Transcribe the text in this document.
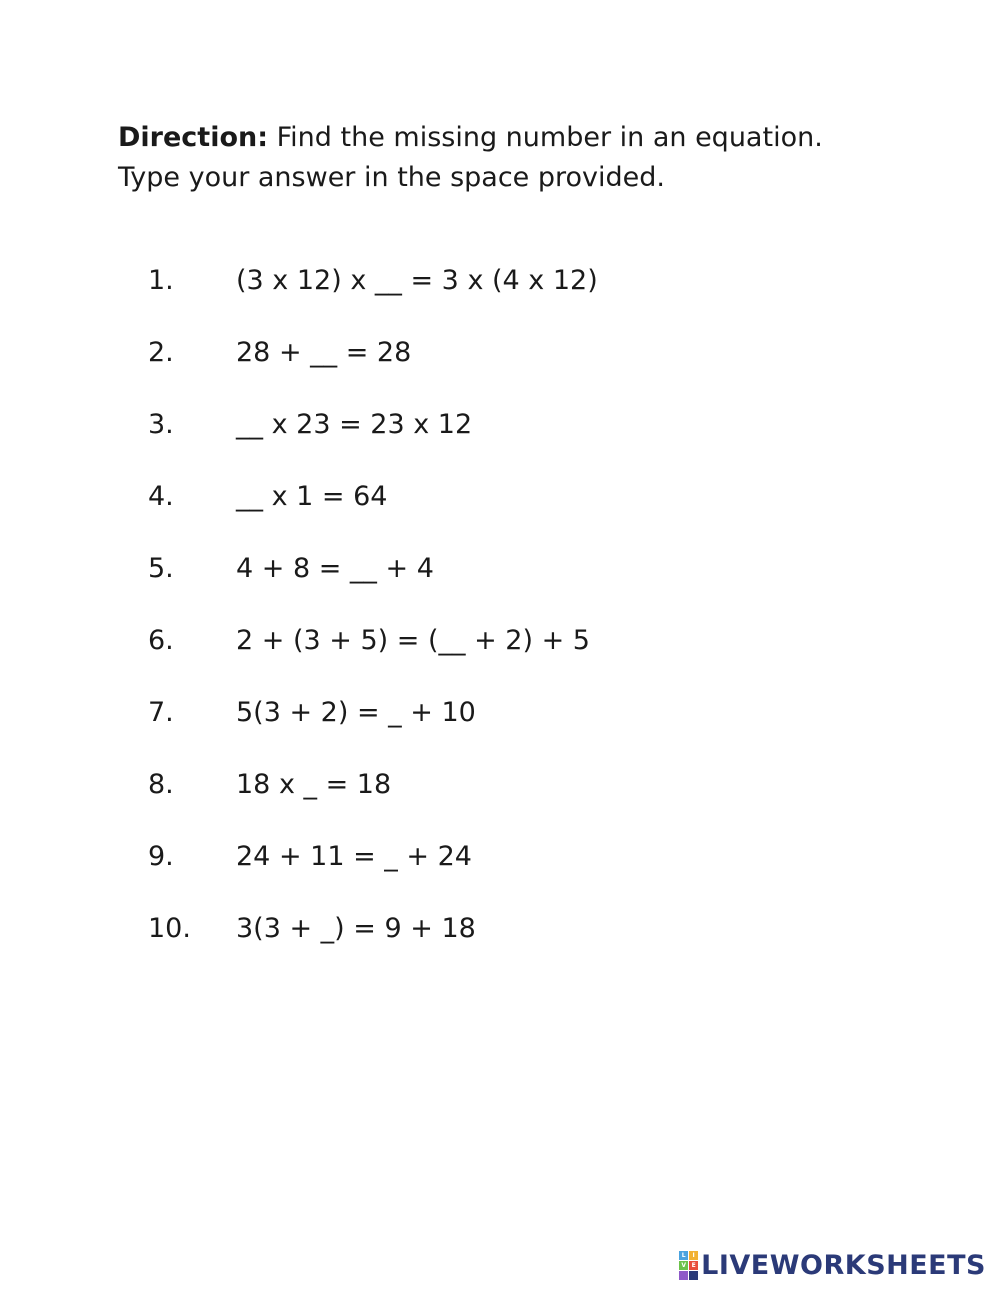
Direction: Find the missing number in an equation.
Type your answer in the space provided.
1.	(3 x 12) x __ = 3 x (4 x 12)
2.	28 + __ = 28
3.	__ x 23 = 23 x 12
4.	__ x 1 = 64
5.	4 + 8 = __ + 4
6.	2 + (3 + 5) = (__ + 2) + 5
7.	5(3 + 2) = _ + 10
8.	18 x _ = 18
9.	24 + 11 = _ + 24
10.	3(3 + _) = 9 + 18
L	I
V E LIVEWORKSHEETS
